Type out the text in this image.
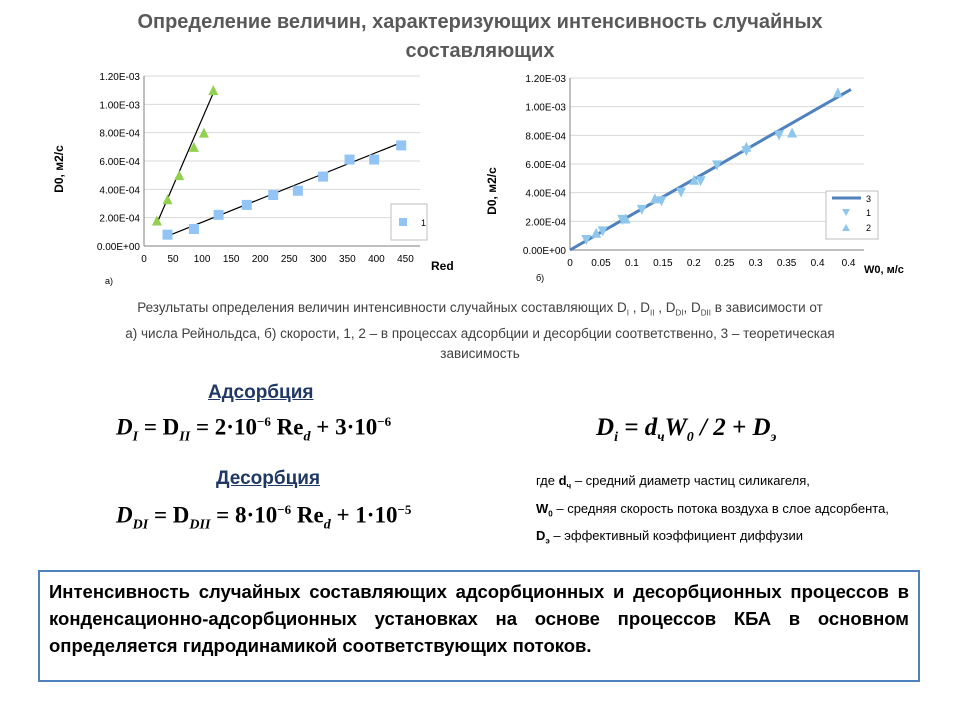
Определение величин, характеризующих интенсивность случайных составляющих
0.00E+00
2.00E-04
4.00E-04
6.00E-04
8.00E-04
1.00E-03
1.20E-03
0 50 100 150 200 250 300 350 400 450
D0, м2/с
Red
а)
1
0.00E+00
2.00E-04
4.00E-04
6.00E-04
8.00E-04
1.00E-03
1.20E-03
0 0.05 0.1 0.15 0.2 0.25 0.3 0.35 0.4 0.4
D0, м2/с
W0, м/с
б)
3
1
2
Результаты определения величин интенсивности случайных составляющих $D_I$ , $D_{II}$ , $D_{DI}$, $D_{DII}$ в зависимости от
а) числа Рейнольдса, б) скорости, 1, 2 – в процессах адсорбции и десорбции соответственно, 3 – теоретическая
зависимость
Адсорбция
$D_I = D_{II} = 2\cdot 10^{-6}$ $Re_d + 3\cdot 10^{-6}$
Десорбция
$D_{DI} = D_{DII} = 8\cdot 10^{-6}$ $Re_d + 1\cdot 10^{-5}$
$D_i = d_чW_0 / 2 + D_э$
где $d_ч$ – средний диаметр частиц силикагеля,
$W_0$ – средняя скорость потока воздуха в слое адсорбента,
$D_э$ – эффективный коэффициент диффузии
Интенсивность случайных составляющих адсорбционных и десорбционных процессов в конденсационно-адсорбционных установках на основе процессов КБА в основном определяется гидродинамикой соответствующих потоков.
